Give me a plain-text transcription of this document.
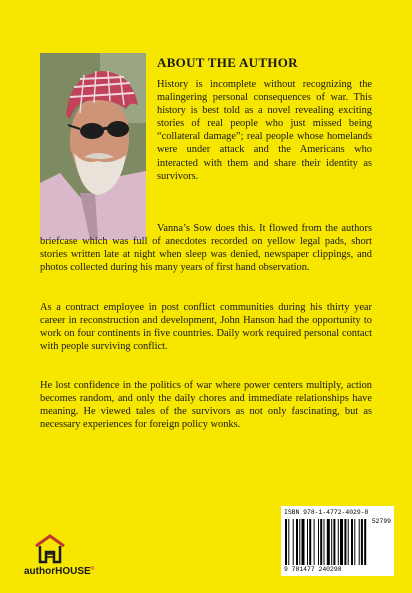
ABOUT THE AUTHOR

History is incomplete without recognizing the malingering personal consequences of war. This history is best told as a novel revealing exciting stories of real people who just missed being “collateral damage”; real people whose homelands were under attack and the Americans who interacted with them and share their identity as survivors.

Vanna’s Sow does this. It flowed from the authors briefcase which was full of anecdotes recorded on yellow legal pads, short stories written late at night when sleep was denied, newspaper clippings, and photos collected during his many years of first hand observation.

As a contract employee in post conflict communities during his thirty year career in reconstruction and development, John Hanson had the opportunity to work on four continents in five countries. Daily work required personal contact with people surviving conflict.

He lost confidence in the politics of war where power centers multiply, action becomes random, and only the daily chores and immediate relationships have meaning. He viewed tales of the survivors as not only fascinating, but as necessary experiences for foreign policy wonks.

authorHOUSE®
ISBN 978-1-4772-4029-8
52799
9 781477 240298
